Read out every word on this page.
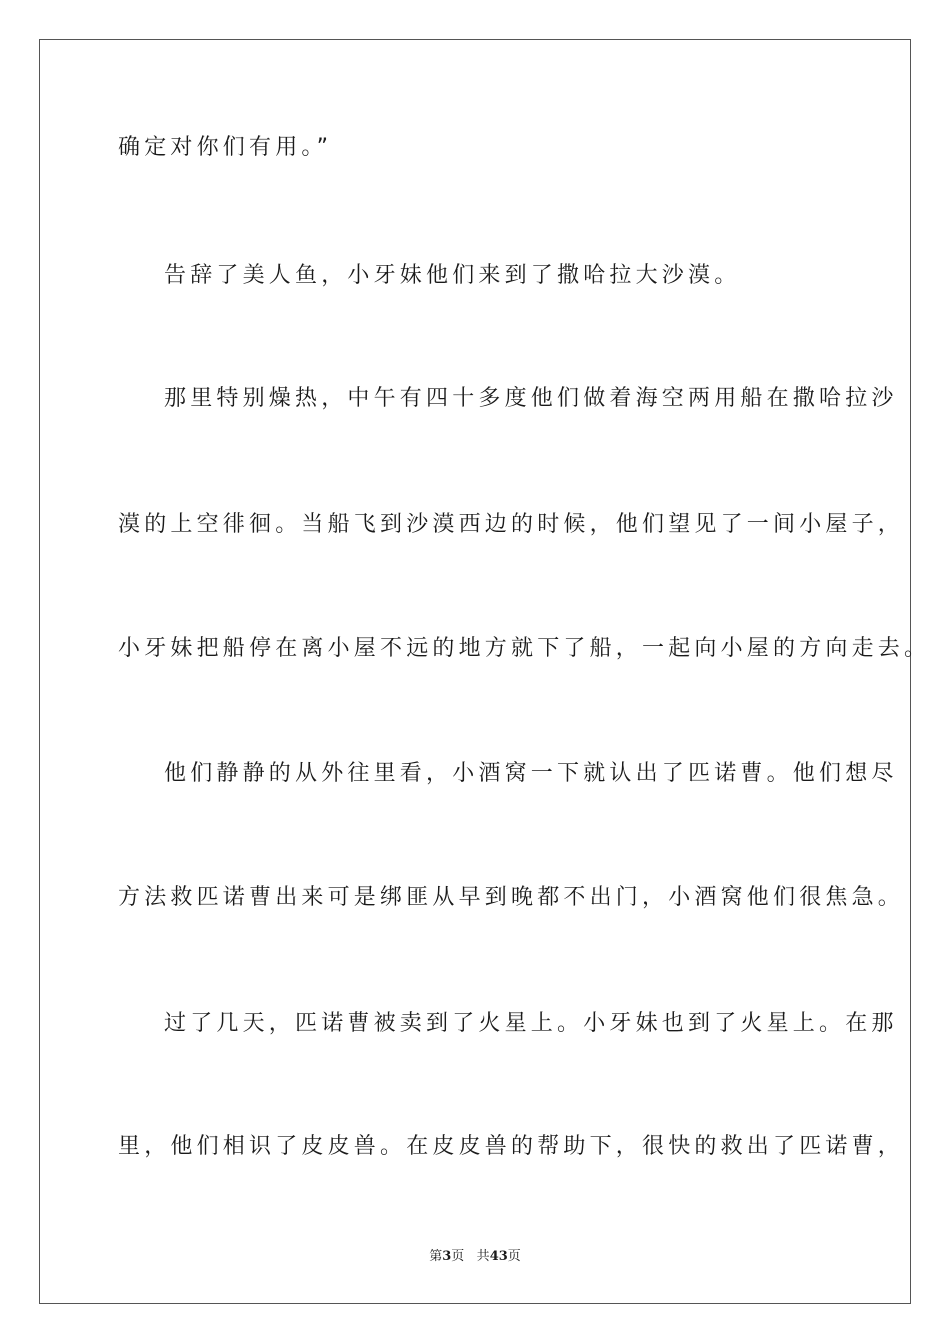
确定对你们有用。”
告辞了美人鱼，小牙妹他们来到了撒哈拉大沙漠。
那里特别燥热，中午有四十多度他们做着海空两用船在撒哈拉沙
漠的上空徘徊。当船飞到沙漠西边的时候，他们望见了一间小屋子，
小牙妹把船停在离小屋不远的地方就下了船，一起向小屋的方向走去。
他们静静的从外往里看，小酒窝一下就认出了匹诺曹。他们想尽
方法救匹诺曹出来可是绑匪从早到晚都不出门，小酒窝他们很焦急。
过了几天，匹诺曹被卖到了火星上。小牙妹也到了火星上。在那
里，他们相识了皮皮兽。在皮皮兽的帮助下，很快的救出了匹诺曹，
第3页 共43页
